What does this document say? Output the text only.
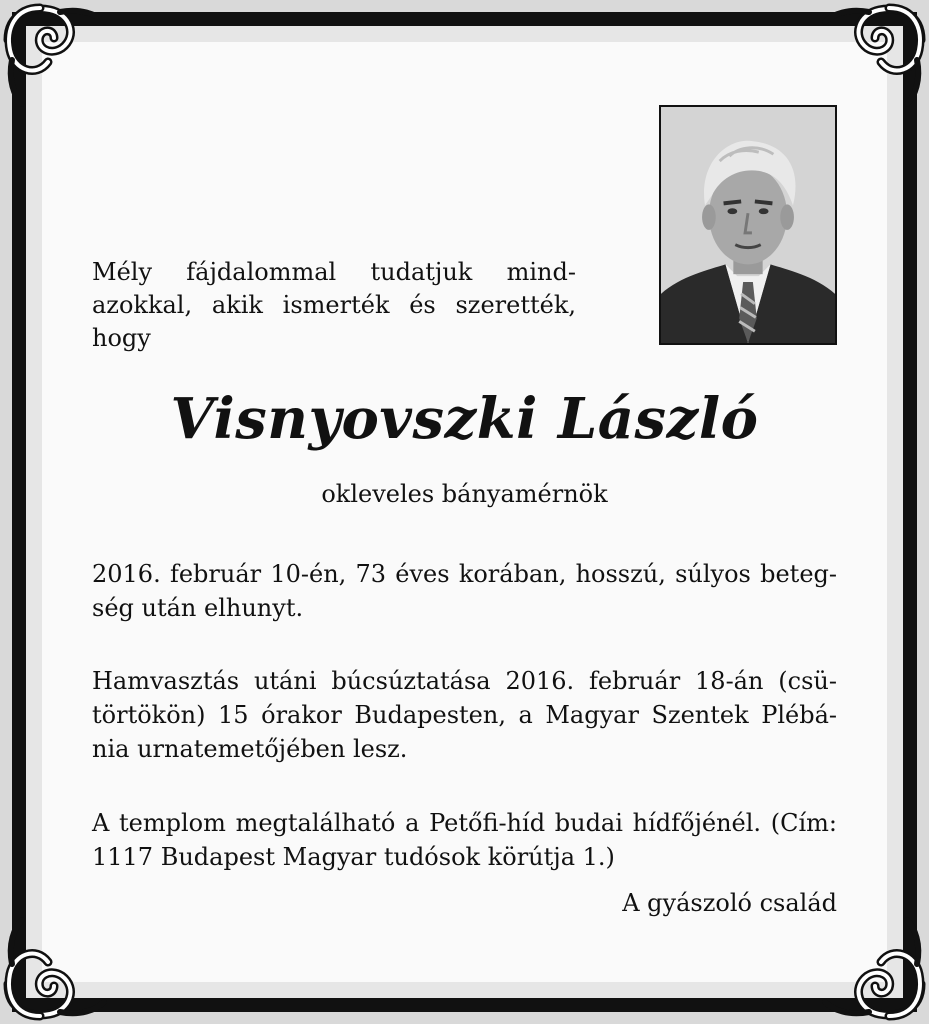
Mély fájdalommal tudatjuk mind-azokkal, akik ismerték és szerették, hogy

Visnyovszki László

okleveles bányamérnök

2016. február 10-én, 73 éves korában, hosszú, súlyos beteg-ség után elhunyt.

Hamvasztás utáni búcsúztatása 2016. február 18-án (csü-törtökön) 15 órakor Budapesten, a Magyar Szentek Plébá-nia urnatemetőjében lesz.

A templom megtalálható a Petőfi-híd budai hídfőjénél. (Cím: 1117 Budapest Magyar tudósok körútja 1.)

A gyászoló család
